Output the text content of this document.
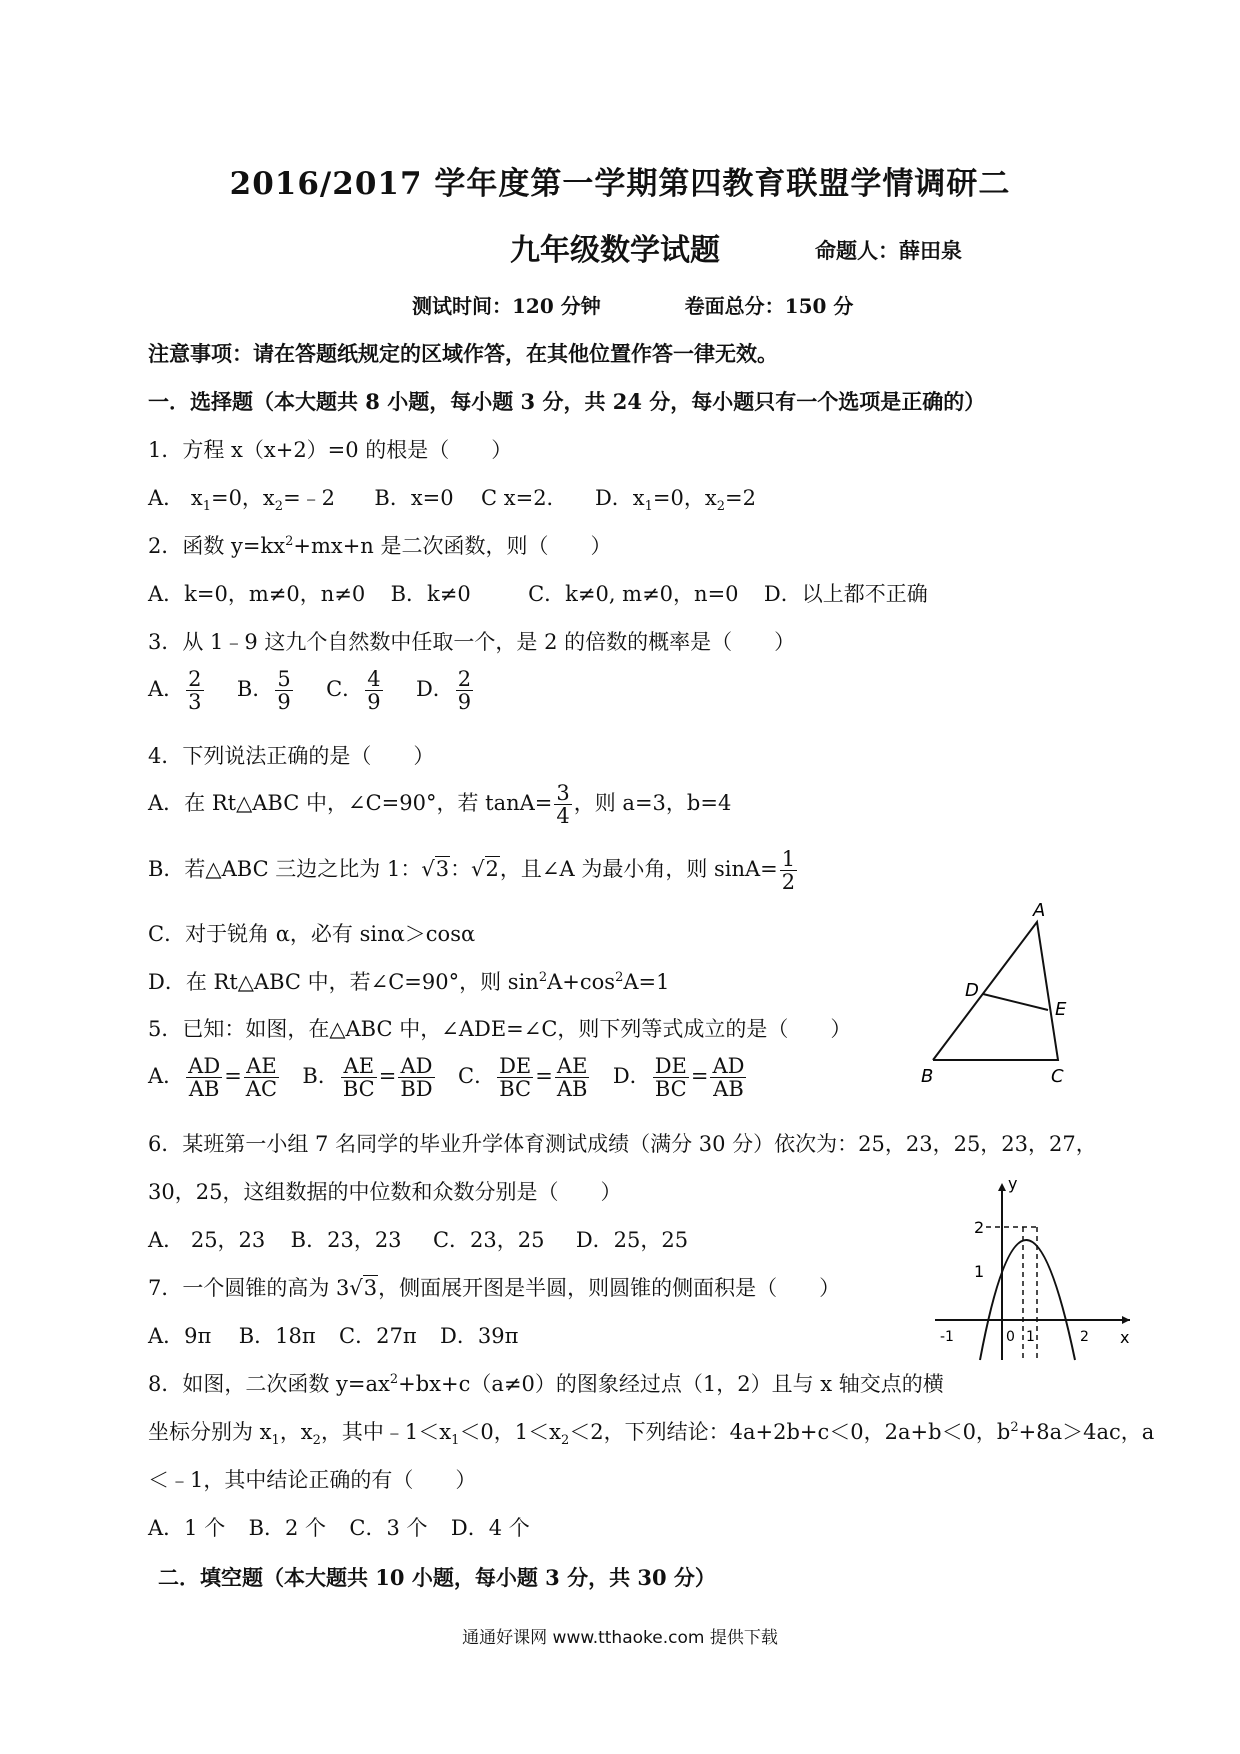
2016/2017 学年度第一学期第四教育联盟学情调研二
九年级数学试题	命题人：薛田泉
测试时间：120 分钟	卷面总分：150 分
注意事项：请在答题纸规定的区域作答，在其他位置作答一律无效。
一．选择题（本大题共 8 小题，每小题 3 分，共 24 分，每小题只有一个选项是正确的）
1．方程 x（x+2）=0 的根是（　　）
A． $x_1=0$，$x_2=﹣2$ B．x=0 C x=2． D．$x_1=0$，$x_2=2$
2．函数 $y=kx^2+mx+n$ 是二次函数，则（　　）
A．k=0，m≠0，n≠0 B．k≠0	C．k≠0, m≠0，n=0 D．以上都不正确
3．从 1﹣9 这九个自然数中任取一个，是 2 的倍数的概率是（　　）
A． $\frac{2}{3}$ B． $\frac{5}{9}$ C． $\frac{4}{9}$ D． $\frac{2}{9}$
4．下列说法正确的是（　　）
A．在 Rt△ABC 中，∠C=90°，若 $\tan A= \frac{3}{4}$ ，则 a=3，b=4
B．若△ABC 三边之比为 1：√3：√2，且∠A 为最小角，则 $\sin A= \frac{1}{2}$
C．对于锐角 α，必有 sinα＞cosα
D．在 Rt△ABC 中，若∠C=90°，则 $\sin^2A+\cos^2A=1$
5．已知：如图，在△ABC 中，∠ADE=∠C，则下列等式成立的是（　　）
A． $\frac{AD}{AB} = \frac{AE}{AC}$ B． $\frac{AE}{BC} = \frac{AD}{BD}$ C． $\frac{DE}{BC} = \frac{AE}{AB}$ D． $\frac{DE}{BC} = \frac{AD}{AB}$
A
D
E
B	C
6．某班第一小组 7 名同学的毕业升学体育测试成绩（满分 30 分）依次为：25，23，25，23，27，
30，25，这组数据的中位数和众数分别是（　　）
A． 25，23 B．23，23 C．23，25 D．25，25
y
x
2
1
-1	0 1	2
7．一个圆锥的高为 3√3，侧面展开图是半圆，则圆锥的侧面积是（　　）
A．9π B．18π C．27π D．39π
8．如图，二次函数 $y=ax^2+bx+c(a\ne 0)$的图象经过点（1，2）且与 x 轴交点的横
坐标分别为 $x_1$，$x_2$，其中$﹣1<x_1<0$，$1<x_2<2$，下列结论：4a+2b+c＜0，2a+b＜0，$b^2+8a>4ac$，a
＜﹣1，其中结论正确的有（　　）
A．1 个 B．2 个 C．3 个 D．4 个
二．填空题（本大题共 10 小题，每小题 3 分，共 30 分）
通通好课网 www.tthaoke.com 提供下载
